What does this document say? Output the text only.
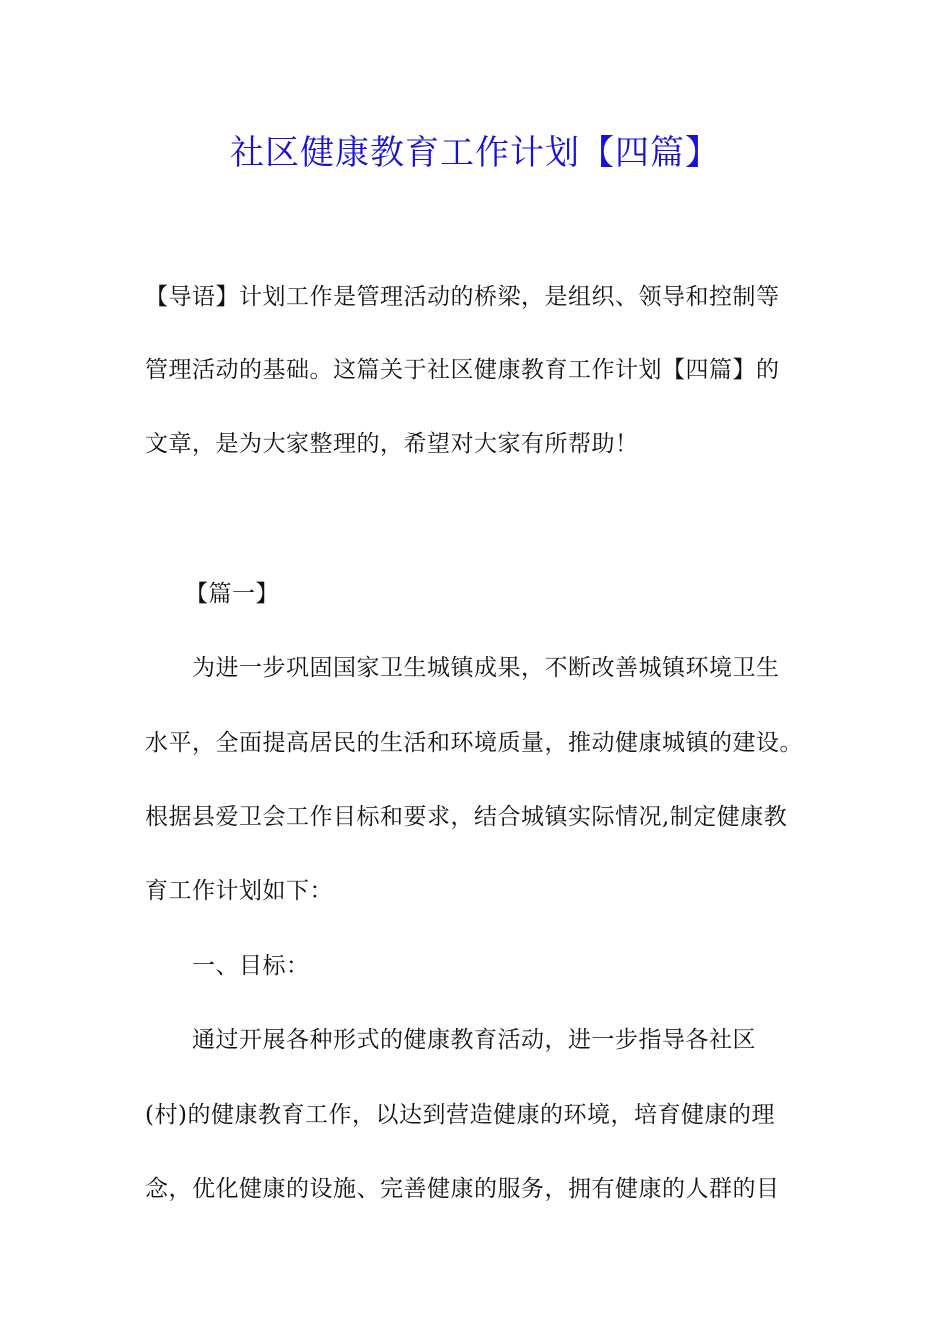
社区健康教育工作计划【四篇】

【导语】计划工作是管理活动的桥梁，是组织、领导和控制等

管理活动的基础。这篇关于社区健康教育工作计划【四篇】的

文章，是为大家整理的，希望对大家有所帮助！

【篇一】

为进一步巩固国家卫生城镇成果，不断改善城镇环境卫生

水平，全面提高居民的生活和环境质量，推动健康城镇的建设。

根据县爱卫会工作目标和要求，结合城镇实际情况,制定健康教

育工作计划如下：

一、目标：

通过开展各种形式的健康教育活动，进一步指导各社区

(村)的健康教育工作，以达到营造健康的环境，培育健康的理

念，优化健康的设施、完善健康的服务，拥有健康的人群的目
